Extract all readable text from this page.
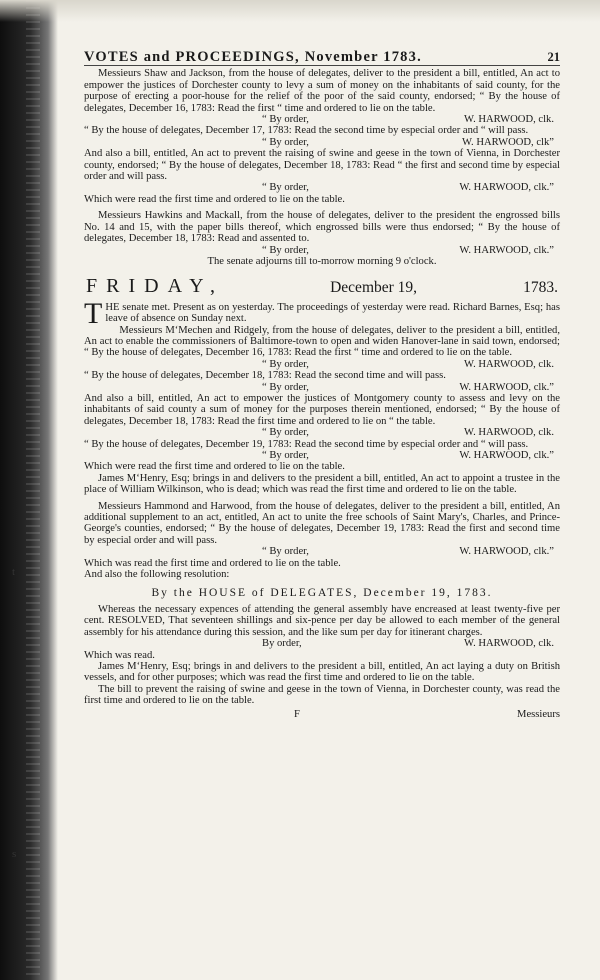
t
s
VOTES and PROCEEDINGS, November 1783.	21

Messieurs Shaw and Jackson, from the house of delegates, deliver to the president a bill, entitled, An act to empower the justices of Dorchester county to levy a sum of money on the inhabitants of said county, for the purpose of erecting a poor-house for the relief of the poor of the said county, endorsed; “ By the house of delegates, December 16, 1783: Read the first “ time and ordered to lie on the table.

“ By order,	W. HARWOOD, clk.

“ By the house of delegates, December 17, 1783: Read the second time by especial order and “ will pass.

“ By order,	W. HARWOOD, clk”

And also a bill, entitled, An act to prevent the raising of swine and geese in the town of Vienna, in Dorchester county, endorsed; “ By the house of delegates, December 18, 1783: Read “ the first and second time by especial order and will pass.

“ By order,	W. HARWOOD, clk.”

Which were read the first time and ordered to lie on the table.

Messieurs Hawkins and Mackall, from the house of delegates, deliver to the president the engrossed bills No. 14 and 15, with the paper bills thereof, which engrossed bills were thus endorsed; “ By the house of delegates, December 18, 1783: Read and assented to.

“ By order,	W. HARWOOD, clk.”

The senate adjourns till to-morrow morning 9 o'clock.

FRIDAY,	December 19,	1783.

THE senate met. Present as on yesterday. The proceedings of yesterday were read. Richard Barnes, Esq; has leave of absence on Sunday next.

Messieurs M‘Mechen and Ridgely, from the house of delegates, deliver to the president a bill, entitled, An act to enable the commissioners of Baltimore-town to open and widen Hanover-lane in said town, endorsed; “ By the house of delegates, December 16, 1783: Read the first “ time and ordered to lie on the table.

“ By order,	W. HARWOOD, clk.

“ By the house of delegates, December 18, 1783: Read the second time and will pass.

“ By order,	W. HARWOOD, clk.”

And also a bill, entitled, An act to empower the justices of Montgomery county to assess and levy on the inhabitants of said county a sum of money for the purposes therein mentioned, endorsed; “ By the house of delegates, December 18, 1783: Read the first time and ordered to lie on “ the table.

“ By order,	W. HARWOOD, clk.

“ By the house of delegates, December 19, 1783: Read the second time by especial order and “ will pass.

“ By order,	W. HARWOOD, clk.”

Which were read the first time and ordered to lie on the table.

James M‘Henry, Esq; brings in and delivers to the president a bill, entitled, An act to appoint a trustee in the place of William Wilkinson, who is dead; which was read the first time and ordered to lie on the table.

Messieurs Hammond and Harwood, from the house of delegates, deliver to the president a bill, entitled, An additional supplement to an act, entitled, An act to unite the free schools of Saint Mary's, Charles, and Prince-George's counties, endorsed; “ By the house of delegates, December 19, 1783: Read the first and second time by especial order and will pass.

“ By order,	W. HARWOOD, clk.”

Which was read the first time and ordered to lie on the table.

And also the following resolution:

By the HOUSE of DELEGATES, December 19, 1783.

Whereas the necessary expences of attending the general assembly have encreased at least twenty-five per cent. RESOLVED, That seventeen shillings and six-pence per day be allowed to each member of the general assembly for his attendance during this session, and the like sum per day for itinerant charges.

By order,	W. HARWOOD, clk.

Which was read.

James M‘Henry, Esq; brings in and delivers to the president a bill, entitled, An act laying a duty on British vessels, and for other purposes; which was read the first time and ordered to lie on the table.

The bill to prevent the raising of swine and geese in the town of Vienna, in Dorchester county, was read the first time and ordered to lie on the table.

F	Messieurs
